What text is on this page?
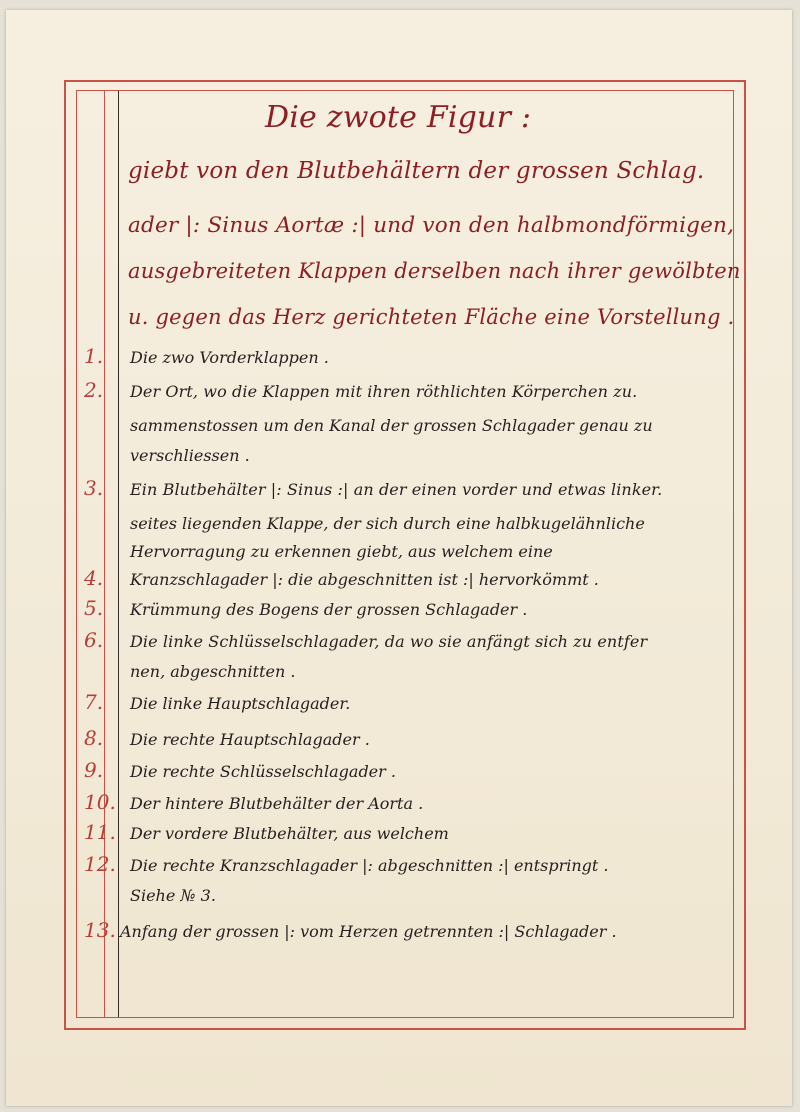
Die zwote Figur :
giebt von den Blutbehältern der grossen Schlag.
ader |: Sinus Aortæ :| und von den halbmondförmigen,
ausgebreiteten Klappen derselben nach ihrer gewölbten
u. gegen das Herz gerichteten Fläche eine Vorstellung .
1.	Die zwo Vorderklappen .
2.	Der Ort, wo die Klappen mit ihren röthlichten Körperchen zu.
sammenstossen um den Kanal der grossen Schlagader genau zu
verschliessen .
3.	Ein Blutbehälter |: Sinus :| an der einen vorder und etwas linker.
seites liegenden Klappe, der sich durch eine halbkugelähnliche
Hervorragung zu erkennen giebt, aus welchem eine
4.	Kranzschlagader |: die abgeschnitten ist :| hervorkömmt .
5.	Krümmung des Bogens der grossen Schlagader .
6.	Die linke Schlüsselschlagader, da wo sie anfängt sich zu entfer
nen, abgeschnitten .
7.	Die linke Hauptschlagader.
8.	Die rechte Hauptschlagader .
9.	Die rechte Schlüsselschlagader .
10. Der hintere Blutbehälter der Aorta .
11. Der vordere Blutbehälter, aus welchem
12. Die rechte Kranzschlagader |: abgeschnitten :| entspringt .
Siehe № 3.
13. Anfang der grossen |: vom Herzen getrennten :| Schlagader .
